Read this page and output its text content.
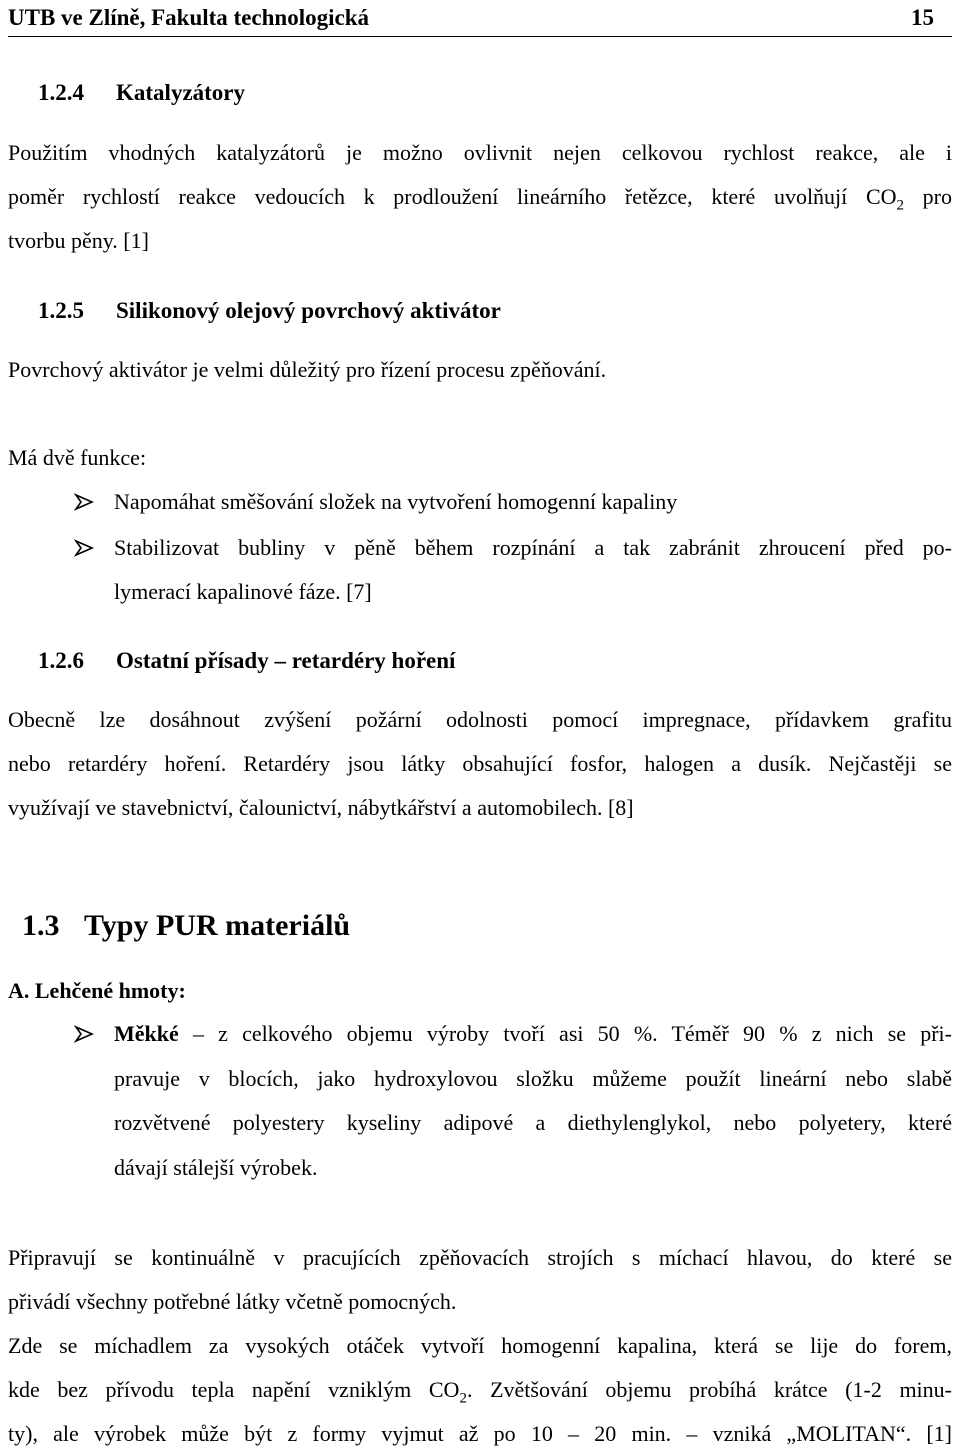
UTB ve Zlíně, Fakulta technologická	15
1.2.4 Katalyzátory
Použitím vhodných katalyzátorů je možno ovlivnit nejen celkovou rychlost reakce, ale i
poměr rychlostí reakce vedoucích k prodloužení lineárního řetězce, které uvolňují $CO_2$ pro
tvorbu pěny. [1]
1.2.5 Silikonový olejový povrchový aktivátor
Povrchový aktivátor je velmi důležitý pro řízení procesu zpěňování.
Má dvě funkce:
Napomáhat směšování složek na vytvoření homogenní kapaliny
Stabilizovat bubliny v pěně během rozpínání a tak zabránit zhroucení před po-
lymerací kapalinové fáze. [7]
1.2.6 Ostatní přísady – retardéry hoření
Obecně lze dosáhnout zvýšení požární odolnosti pomocí impregnace, přídavkem grafitu
nebo retardéry hoření. Retardéry jsou látky obsahující fosfor, halogen a dusík. Nejčastěji se
využívají ve stavebnictví, čalounictví, nábytkářství a automobilech. [8]
1.3 Typy PUR materiálů
A. Lehčené hmoty:
Měkké – z celkového objemu výroby tvoří asi 50 %. Téměř 90 % z nich se při-
pravuje v blocích, jako hydroxylovou složku můžeme použít lineární nebo slabě
rozvětvené polyestery kyseliny adipové a diethylenglykol, nebo polyetery, které
dávají stálejší výrobek.
Připravují se kontinuálně v pracujících zpěňovacích strojích s míchací hlavou, do které se
přivádí všechny potřebné látky včetně pomocných.
Zde se míchadlem za vysokých otáček vytvoří homogenní kapalina, která se lije do forem,
kde bez přívodu tepla napění vzniklým $CO_2$. Zvětšování objemu probíhá krátce (1-2 minu-
ty), ale výrobek může být z formy vyjmut až po 10 – 20 min. – vzniká „MOLITAN“. [1]
